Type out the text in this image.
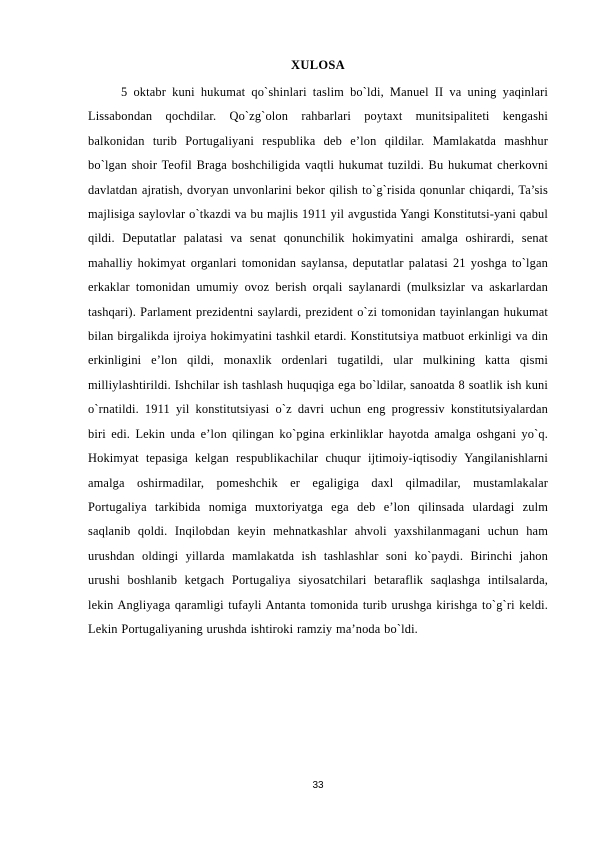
XULOSA

5 oktabr kuni hukumat qo`shinlari taslim bo`ldi, Manuel II va uning yaqinlari Lissabondan qochdilar. Qo`zg`olon rahbarlari poytaxt munitsipaliteti kengashi balkonidan turib Portugaliyani respublika deb e’lon qildilar. Mamlakatda mashhur bo`lgan shoir Teofil Braga boshchiligida vaqtli hukumat tuzildi. Bu hukumat cherkovni davlatdan ajratish, dvoryan unvonlarini bekor qilish to`g`risida qonunlar chiqardi, Ta’sis majlisiga saylovlar o`tkazdi va bu majlis 1911 yil avgustida Yangi Konstitutsi-yani qabul qildi. Deputatlar palatasi va senat qonunchilik hokimyatini amalga oshirardi, senat mahalliy hokimyat organlari tomonidan saylansa, deputatlar palatasi 21 yoshga to`lgan erkaklar tomonidan umumiy ovoz berish orqali saylanardi (mulksizlar va askarlardan tashqari). Parlament prezidentni saylardi, prezident o`zi tomonidan tayinlangan hukumat bilan birgalikda ijroiya hokimyatini tashkil etardi. Konstitutsiya matbuot erkinligi va din erkinligini e’lon qildi, monaxlik ordenlari tugatildi, ular mulkining katta qismi milliylashtirildi. Ishchilar ish tashlash huquqiga ega bo`ldilar, sanoatda 8 soatlik ish kuni o`rnatildi. 1911 yil konstitutsiyasi o`z davri uchun eng progressiv konstitutsiyalardan biri edi. Lekin unda e’lon qilingan ko`pgina erkinliklar hayotda amalga oshgani yo`q. Hokimyat tepasiga kelgan respublikachilar chuqur ijtimoiy-iqtisodiy Yangilanishlarni amalga oshirmadilar, pomeshchik er egaligiga daxl qilmadilar, mustamlakalar Portugaliya tarkibida nomiga muxtoriyatga ega deb e’lon qilinsada ulardagi zulm saqlanib qoldi. Inqilobdan keyin mehnatkashlar ahvoli yaxshilanmagani uchun ham urushdan oldingi yillarda mamlakatda ish tashlashlar soni ko`paydi. Birinchi jahon urushi boshlanib ketgach Portugaliya siyosatchilari betaraflik saqlashga intilsalarda, lekin Angliyaga qaramligi tufayli Antanta tomonida turib urushga kirishga to`g`ri keldi. Lekin Portugaliyaning urushda ishtiroki ramziy ma’noda bo`ldi.

33
